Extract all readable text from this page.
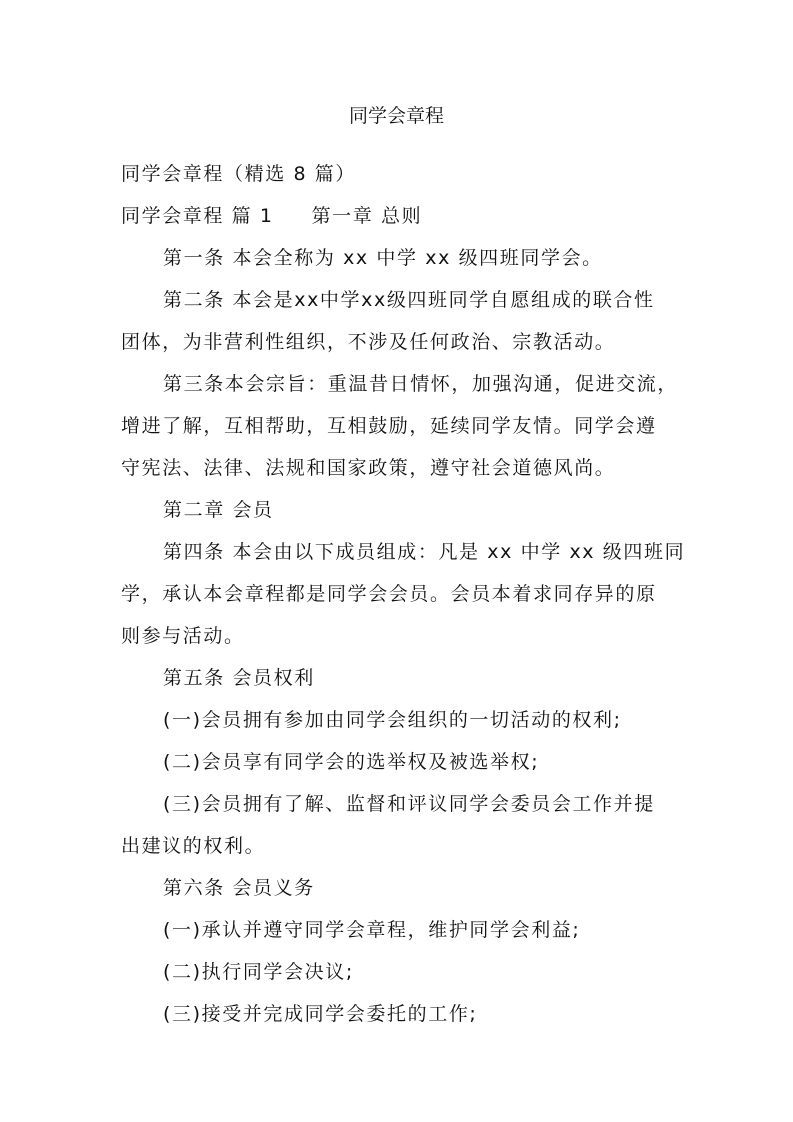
同学会章程
同学会章程（精选 8 篇）
同学会章程 篇 1 第一章 总则
第一条 本会全称为 xx 中学 xx 级四班同学会。
第二条 本会是xx中学xx级四班同学自愿组成的联合性
团体，为非营利性组织，不涉及任何政治、宗教活动。
第三条本会宗旨：重温昔日情怀，加强沟通，促进交流，
增进了解，互相帮助，互相鼓励，延续同学友情。同学会遵
守宪法、法律、法规和国家政策，遵守社会道德风尚。
第二章 会员
第四条 本会由以下成员组成：凡是 xx 中学 xx 级四班同
学，承认本会章程都是同学会会员。会员本着求同存异的原
则参与活动。
第五条 会员权利
(一)会员拥有参加由同学会组织的一切活动的权利;
(二)会员享有同学会的选举权及被选举权;
(三)会员拥有了解、监督和评议同学会委员会工作并提
出建议的权利。
第六条 会员义务
(一)承认并遵守同学会章程，维护同学会利益;
(二)执行同学会决议;
(三)接受并完成同学会委托的工作;
